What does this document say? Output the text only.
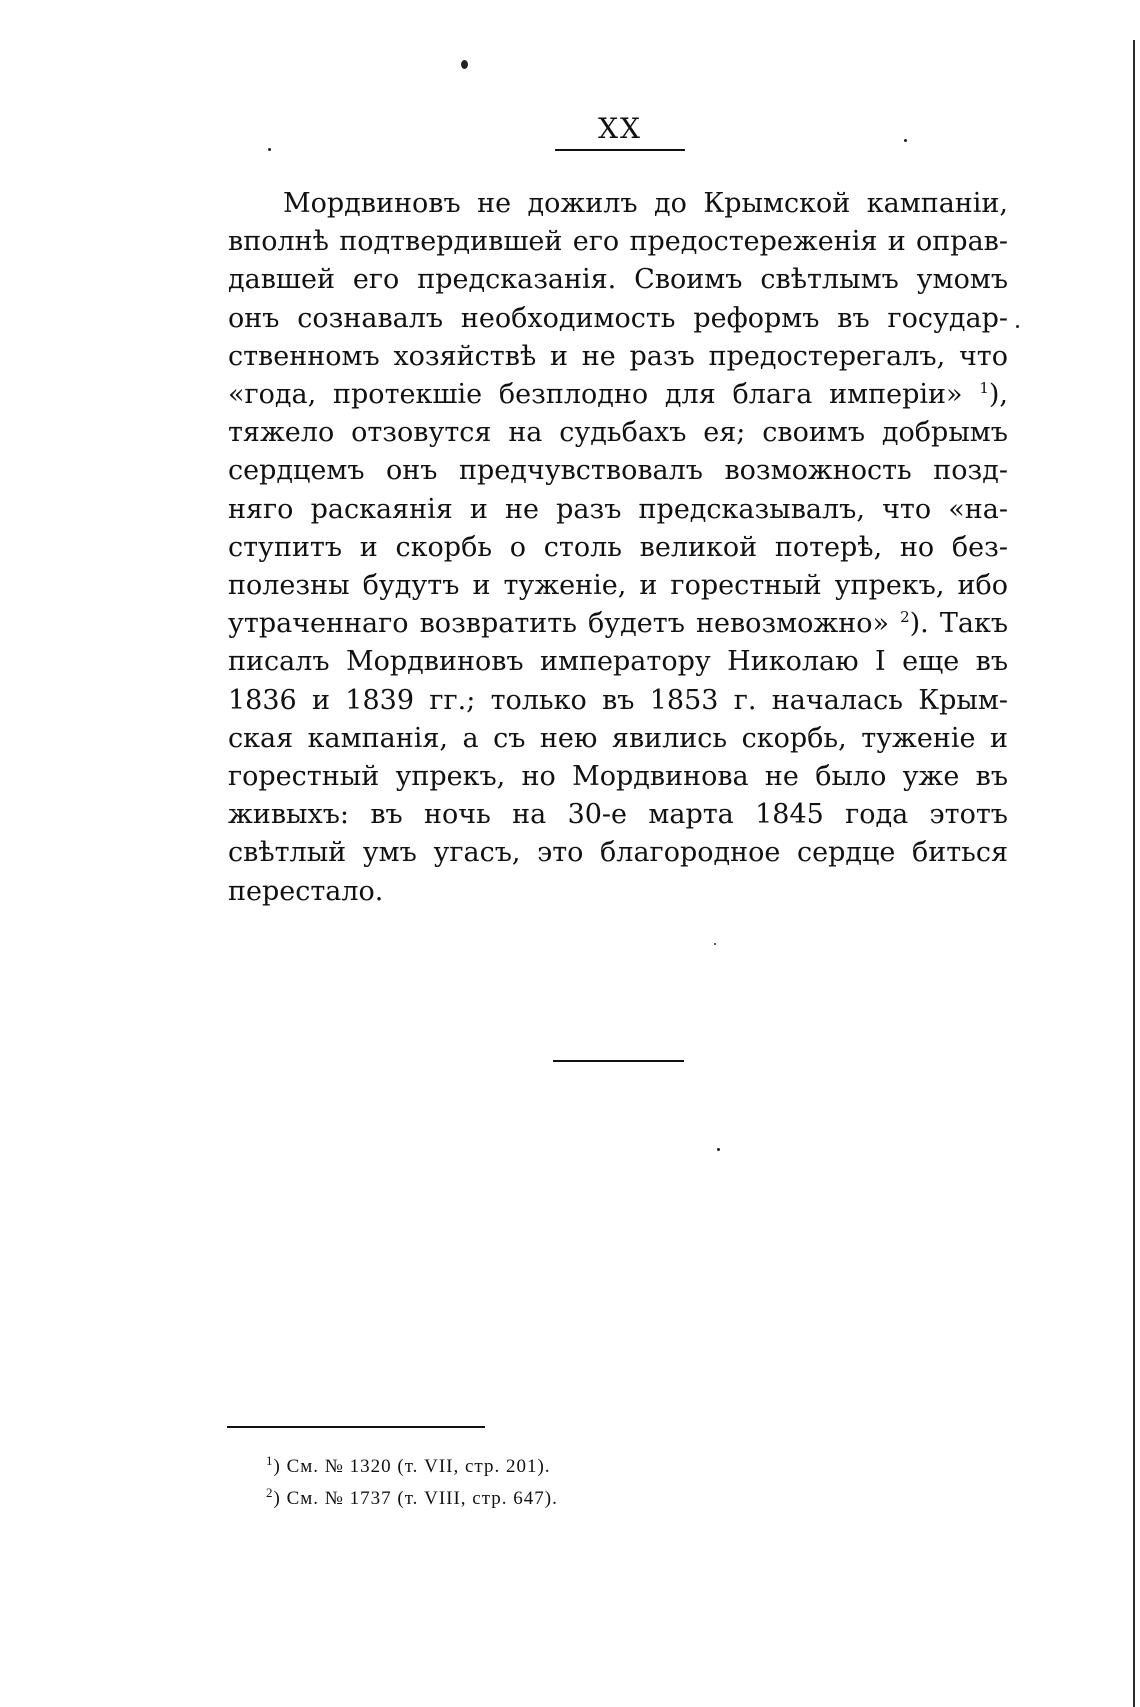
XX
Мордвиновъ не дожилъ до Крымской кампаніи,
вполнѣ подтвердившей его предостереженія и оправ-
давшей его предсказанія. Своимъ свѣтлымъ умомъ
онъ сознавалъ необходимость реформъ въ государ-
ственномъ хозяйствѣ и не разъ предостерегалъ, что
«года, протекшіе безплодно для блага имперіи» $^1$),
тяжело отзовутся на судьбахъ ея; своимъ добрымъ
сердцемъ онъ предчувствовалъ возможность позд-
няго раскаянія и не разъ предсказывалъ, что «на-
ступитъ и скорбь о столь великой потерѣ, но без-
полезны будутъ и туженіе, и горестный упрекъ, ибо
утраченнаго возвратить будетъ невозможно» $^2$). Такъ
писалъ Мордвиновъ императору Николаю I еще въ
1836 и 1839 гг.; только въ 1853 г. началась Крым-
ская кампанія, а съ нею явились скорбь, туженіе и
горестный упрекъ, но Мордвинова не было уже въ
живыхъ: въ ночь на 30-е марта 1845 года этотъ
свѣтлый умъ угасъ, это благородное сердце биться
перестало.
$^1$) См. № 1320 (т. VII, стр. 201).
$^2$) См. № 1737 (т. VIII, стр. 647).
